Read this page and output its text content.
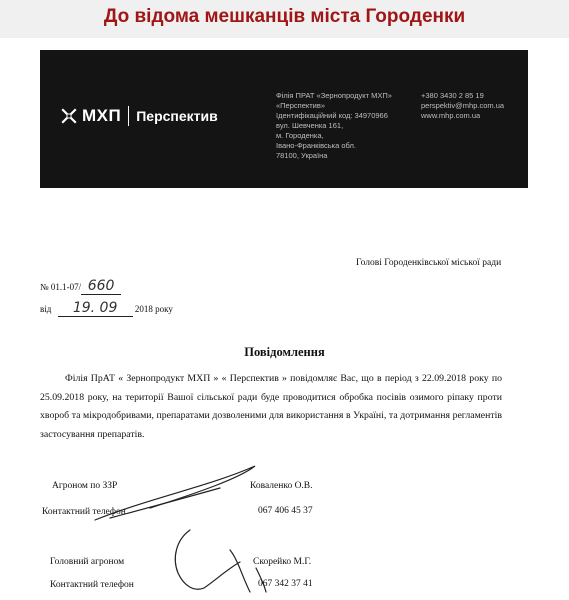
До відома мешканців міста Городенки
МХП Перспектив
Філія ПРАТ «Зернопродукт МХП»
«Перспектив»
Ідентифікаційний код: 34970966
вул. Шевченка 161,
м. Городенка,
Івано-Франківська обл.
78100, Україна
+380 3430 2 85 19
perspektiv@mhp.com.ua
www.mhp.com.ua
Голові Городенківської міської ради
№ 01.1-07/ 660
від 19. 09 2018 року
Повідомлення

Філія ПрАТ « Зернопродукт МХП » « Перспектив » повідомляє Вас, що в період з 22.09.2018 року по 25.09.2018 року, на території Вашої сільської ради буде проводитися обробка посівів озимого ріпаку проти хвороб та мікродобривами, препаратами дозволеними для використання в Україні, та дотримання регламентів застосування препаратів.

Агроном по ЗЗР	Коваленко О.В.
Контактний телефон	067 406 45 37
Головний агроном	Скорейко М.Г.
Контактний телефон	067 342 37 41
